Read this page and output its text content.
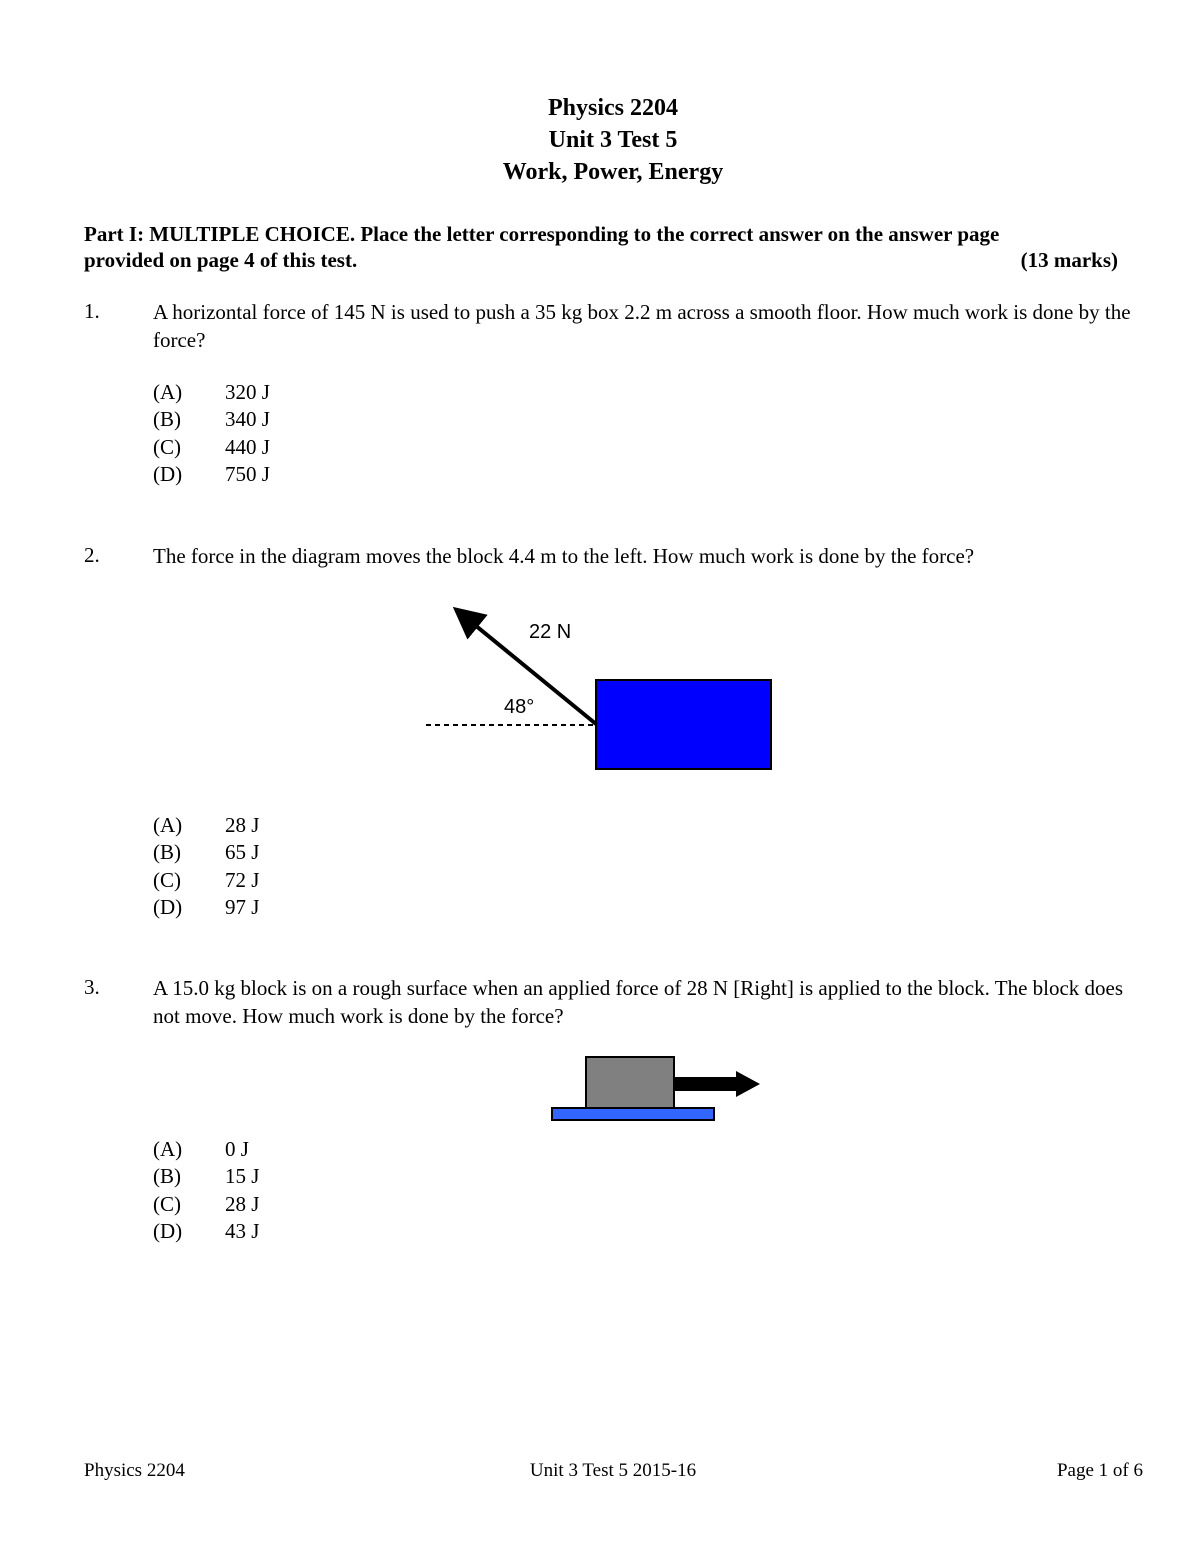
Physics 2204
Unit 3 Test 5
Work, Power, Energy
Part I: MULTIPLE CHOICE. Place the letter corresponding to the correct answer on the answer page
provided on page 4 of this test.	(13 marks)
1.	A horizontal force of 145 N is used to push a 35 kg box 2.2 m across a smooth floor. How much work is done by the force?
(A) 320 J
(B) 340 J
(C) 440 J
(D) 750 J
2.	The force in the diagram moves the block 4.4 m to the left. How much work is done by the force?
22 N
48°
(A) 28 J
(B) 65 J
(C) 72 J
(D) 97 J
3.	A 15.0 kg block is on a rough surface when an applied force of 28 N [Right] is applied to the block. The block does not move. How much work is done by the force?
(A) 0 J
(B) 15 J
(C) 28 J
(D) 43 J
Physics 2204	Unit 3 Test 5 2015-16	Page 1 of 6
